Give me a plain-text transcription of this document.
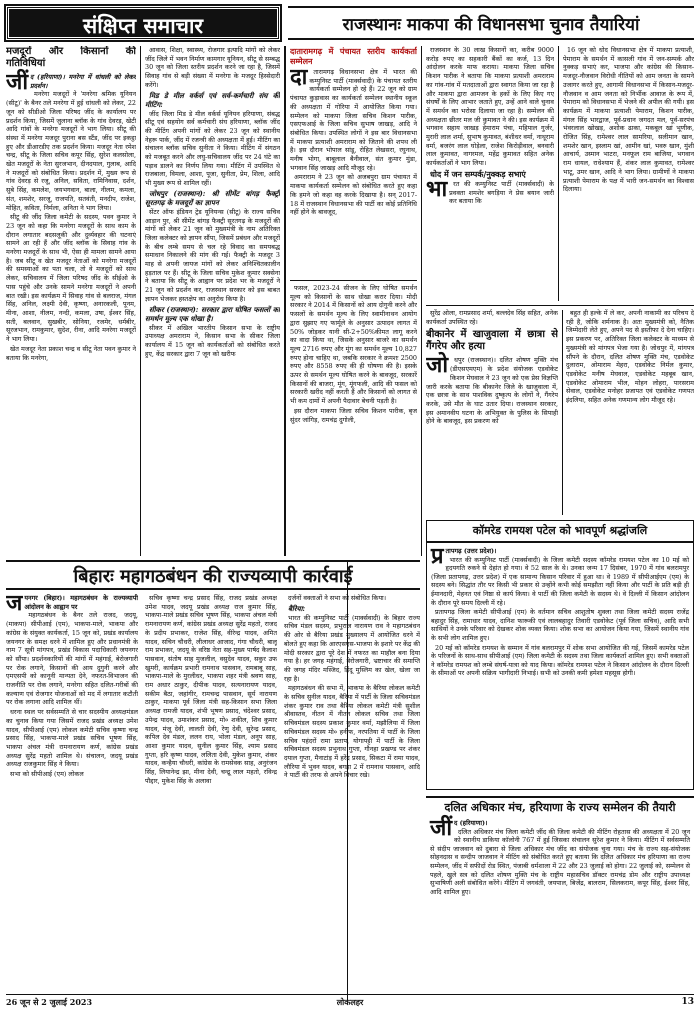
संक्षिप्त समाचार	राजस्थानः माकपा की विधानसभा चुनाव तैयारियां
मजदूरों और किसानों की गतिविधियां
जीं द (हरियाणा)। मनरेगा में धांधली को लेकर प्रदर्शन।

मनरेगा मजदूरों ने 'मनरेगा श्रमिक यूनियन (सीटू)' के बैनर तले मनरेगा में हुई धांधली को लेकर, 22 जून को सीडीओ जिला परिषद जींद के कार्यालय पर प्रदर्शन किया, जिसमें जुलाना ब्लॉक के गांव देवरड़, खेटी आदि गांवों के मनरेगा मजदूरों ने भाग लिया। सीटू की संस्था में मनरेगा मजदूर पुराना बस स्टैंड, जींद पर इकट्ठा हुए और डीआरडीए तक प्रदर्शन किया। मजदूर नेता रमेश चन्द्र, सीटू के जिला सचिव कपूर सिंह, सुरेश कलसोला, खेत मजदूरों के नेता सुरजभान, दीनदयाल, गुलाब, आदि ने मजदूरों को संबोधित किया। प्रदर्शन में, मुख्य रूप से गांव देवरड़ से रजू, अनिल, सविता, रामिनिवास, दर्शन, सुबे सिंह, कमलेश, जयभगवान, बाला, नीलम, कमला, संत, शमशेर, सरजू, राजपति, सतवंती, मनदीप, राजेश, मोहित, कविता, निर्मला, अनिता ने भाग लिया।

सीटू की जींद जिला कमेटी के सदस्य, पवन कुमार ने 23 जून को कहा कि मनरेगा मजदूरों के साथ काम के दौरान लगातार बदसलूकी और दुर्व्यवहार की घटनाएं सामने आ रही हैं और जींद ब्लॉक के सिवाह गांव के मनरेगा मजदूरों के साथ भी, ऐसा ही मामला सामने आया है। जब सीटू व खेत मजदूर नेताओं को मनरेगा मजदूरों की समस्याओं का पता चला, तो वे मजदूरों को साथ लेकर, सचिवालय में जिला परिषद जींद के सीईओ के पास पहुंचे और उनके सामने मनरेगा मजदूरों ने अपनी बात रखी। इस कार्यक्रम में सिवाह गांव से बलराज, मंगल सिंह, अनिल, लक्ष्मी देवी, कृष्णा, अनारकली, पूनम, मीना, आशा, नीलम, नन्दी, कमला, उषा, ईश्वर सिंह, सती, बलवान, सुखबीर, सोनिया, रजमेर, धर्मबीर, सूरजभान, रामकुमार, सुदेश, रीना, आदि मनरेगा मजदूरों ने भाग लिया।

खेत मजदूर नेता प्रकाश चन्द्र व सीटू नेता पवन कुमार ने बताया कि मनरेगा,

आवास, शिक्षा, स्वास्थ्य, रोजगार इत्यादि मांगों को लेकर जींद जिले में भवन निर्माण कामगार यूनियन, सीटू से सम्बद्ध 30 जून को जिला स्तरीय प्रदर्शन करने जा रहा है, जिसमें सिवाह गांव से बड़ी संख्या में मनरेगा के मजदूर हिस्सेदारी करेंगे।

मिड डे मील वर्कर्स एवं सर्व-कर्मचारी संघ की मीटिंग:

जींद जिला मिड डे मील वर्कर्स यूनियन हरियाणा, संबद्ध सीटू एवं सहयोग सर्व कर्मचारी संघ हरियाणा, ब्लॉक जींद की मीटिंग अपनी मांगों को लेकर 23 जून को स्थानीय नेहरू पार्क, जींद में रजन्त्री की अध्यक्षता में हुई। मीटिंग का संचालन ब्लॉक सचिव सुनीता ने किया। मीटिंग में संगठन को मजबूत करने और लघु-सचिवालय जींद पर 24 घंटे का पड़ाव डालने का निर्णय लिया गया। मीटिंग में उपस्थित थे राजबाला, विमला, आशा, पूजा, सुनीता, प्रेम, शिला, आदि भी मुख्य रूप से शामिल रहीं।

जोधपुर (राजस्थान): श्री सीमेंट बांगड़ फैक्ट्री सूरतगढ़ के मजदूरों का ज्ञापन

सेंटर ऑफ इंडियन ट्रेड यूनियन्स (सीटू) के राज्य सचिव आड़ान पुर, श्री सीमेंट बांगड़ फैक्ट्री सूरतगढ़ के मजदूरों की मांगों को लेकर 21 जून को मुख्यमंत्री के नाम अतिरिक्त जिला कलेक्टर को ज्ञापन सौंपा, जिसमें प्रबंधन और मजदूरों के बीच लम्बे समय से चल रहे विवाद का समयबद्ध समाधान निकालने की मांग की गई। फैक्ट्री के मजदूर 3 माह से अपनी जायज मांगों को लेकर अनिश्चितकालीन हड़ताल पर हैं। सीटू के जिला सचिव मुकेश कुमार सक्सेना ने बताया कि सीटू के आह्वान पर प्रदेश भर के मजदूरों ने 21 जून को प्रदर्शन कर, राजस्थान सरकार को इस बाबत ज्ञापन भेजकर हस्तक्षेप का अनुरोध किया है।

सीकर (राजस्थान): सरकार द्वारा घोषित फसलों का समर्थन मूल्य एक धोखा है।

सीकर में अखिल भारतीय किसान सभा के राष्ट्रीय उपाध्यक्ष अमराराम ने, किसान सभा के सीकर जिला कार्यालय में 15 जून को कार्यकर्ताओं को संबोधित करते हुए, केंद्र सरकार द्वारा 7 जून को खरीफ

दातारामगढ़ में पंचायत स्तरीय कार्यकर्ता सम्मेलन
दा तारामगढ़ विधानसभा क्षेत्र में भारत की कम्युनिस्ट पार्टी (मार्क्सवादी) के पंचायत स्तरीय कार्यकर्ता सम्मेलन हो रहे हैं। 22 जून को ग्राम पंचायत कुड़ावास का कार्यकर्ता सम्मेलन स्थानीय स्कूल की अध्यक्षता में गोरिया में आयोजित किया गया। सम्मेलन को माकपा जिला सचिव किशन पारीक, एसएफआई के जिला सचिव सुभाष जाखड़, आदि ने संबोधित किया। उपस्थित लोगों ने इस बार विधानसभा में माकपा प्रत्याशी अमराराम को जिताने की शपथ ली है। इस दौरान भोपाल सांडू, रोहित लेखसरा, रघुनाथ, मनीष भोगा, बाबूलाल बैनीवाल, संत कुमार मुंडा, भगवान सिंह जाखड़ आदि मौजूद रहे।

अमराराम ने 23 जून को अजबपुरा ग्राम पंचायत में माकपा कार्यकर्ता सम्मेलन को संबोधित करते हुए कहा कि हमने जो कहा वह करके दिखाया है। सन् 2017-18 में राजस्थान विधानसभा की पार्टी का कोई प्रतिनिधि नहीं होने के बावजूद,

राजस्थान के 30 लाख किसानों का, करीब 9000 करोड़ रुपए का सहकारी बैंकों का कर्ज, 13 दिन आंदोलन करके माफ कराया। माकपा जिला सचिव किशन पारीक ने बताया कि माकपा प्रत्याशी अमराराम का गांव-गांव में मतदाताओं द्वारा स्वागत किया जा रहा है और माकपा द्वारा आमजन के हकों के लिए किए गए संघर्षों के लिए आभार जताते हुए, उन्हें आने वाले चुनाव में समर्थन का भरोसा दिलाया जा रहा है। सम्मेलन की अध्यक्षता छीतर मल जी कुमावत ने की। इस कार्यक्रम में भगवान सहाय जाखड़ हेमाराम पंचा, महिपाल गुर्जर, मुरारी लाल शर्मा, सुभाष कुमावत, बंशीधर वर्मा, नाथूराम वर्मा, बजरंग लाल घोड़ेला, राजेश किरोड़ीवाल, बनवारी लाल कुमावत, नागरमल, महेंद्र कुमावत सहित अनेक कार्यकर्ताओं ने भाग लिया।

धोद में जन सम्पर्क/नुक्कड़ सभाएं
भा रत की कम्युनिस्ट पार्टी (मार्क्सवादी) के प्रवक्ता शमशेर बगड़िया ने प्रेस बयान जारी कर बताया कि

16 जून को धोद विधानसभा क्षेत्र में माकपा प्रत्याशी, पेमाराम के समर्थन में कासली गांव में जन-सम्पर्क और नुक्कड़ सभाएं कर, भाजपा और कांग्रेस की किसान-मजदूर-नौजवान विरोधी नीतियों को आम जनता के सामने उजागर करते हुए, आगामी विधानसभा में किसान-मजदूर-नौजवान व आम जनता को निर्भीक आवाज के रूप में, पेमाराम को विधानसभा में भेजने की अपील की गयी। इस कार्यक्रम में माकपा प्रत्याशी पेमाराम, किशन पारीक, मंगल सिंह भारद्वाज, पूर्व-प्रधान जगदत मल, पूर्व-सरपंच भंवरलाल खोखड़, अशोक ढाका, मकबूल खां भूणीक, रोजित सिंह, रामेश्वर लाल सामरिया, सलीमान खान, शमशेर खान, इस्लाम खां, आमीन खां, भवरु खान, मुंशी आचार्य, उस्मान भाटरा, मनफूल राम बाजिया, भगवान राम धायल, राधेश्याम हैं, शंकर लाल कुमावत, रामेश्वर भाटू, उमर खान, आदि ने भाग लिया। ग्रामीणों ने माकपा प्रत्याशी पेमाराम के पक्ष में भारी जन-समर्थन का विश्वास दिलाया।

फसल, 2023-24 सीजन के लिए घोषित समर्थन मूल्य को किसानों के साथ धोखा करार दिया। मोदी सरकार ने 2014 में किसानों को आय दोगुनी करने और फसलों के समर्थन मूल्य के लिए स्वामीनाथन आयोग द्वारा सुझाए गए फार्मूले के अनुसार उत्पादन लागत में 50% जोड़कर यानी सी-2+50%कीमत लागू करने का वादा किया था, जिसके अनुसार बाजरे का समर्थन मूल्य 2716 रुपए और मूंग का समर्थन मूल्य 10,827 रुपए होना चाहिए था, जबकि सरकार ने क्रमशः 2500 रुपए और 8558 रुपए की ही घोषणा की है। इसके ऊपर से समर्थन मूल्य घोषित करने के बावजूद, सरकारें किसानों की बाजरा, मूंग, मूंगफली, आदि की फसल को सरकारी खरीद नहीं करती हैं और किसानों को लागत से भी कम दामों में अपनी पैदावार बेचनी पड़ती है।

इस दौरान माकपा जिला सचिव किशन पारीक, बृज सुंदर जांगिड़, रामचंद्र दुगोली,

सुरेंद्र ओला, रामप्रसाद शर्मा, बल्लदेव सिंह सहित, अनेक कार्यकर्ता उपस्थित रहे।

बीकानेर में खाजुवाला में छात्रा से गैंगरेप और हत्या
जो धपुर (राजस्थान)। दलित शोषण मुक्ति मंच (डीएसएमएम) के प्रदेश संयोजक एडवोकेट किशन मेघवाल ने 23 जून को एक प्रेस विज्ञप्ति जारी करके बताया कि बीकानेर जिले के खाजुवाला में, एक छात्रा के साथ पाशविक दुष्कृत्य के लोगों ने, गैंगरेप करके, उसे मौत के घाट उतार दिया। राजस्थान सरकार, इस अमानवीय घटना के अभियुक्त के पुलिस के सिपाही होने के बावजूद, इस प्रकरण को

बहुत ही हल्के में ले कर, अपनी नाकामी का परिचय दे रही है, जोकि शर्मनाक है। अतः मुख्यमंत्री को, नैतिक जिम्मेदारी लेते हुए, अपने पद से इस्तीफा दे देना चाहिए। इस प्रकरण पर, अतिरिक्त जिला कलेक्टर के माध्यम से मुख्यमंत्री को मांगपत्र भेजा गया है। जोधपुर में, मांगपत्र सौंपने के दौरान, दलित शोषण मुक्ति मंच, एडवोकेट दुलाराम, ओमाराम मेहरा, एडवोकेट निर्मल कुमार, एडवोकेट मनीष मेघवाल, एडवोकेट महबूब खान, एडवोकेट ओमाराम भील, मोहन लोहरा, पारसराम सेवाल, एडवोकेट मनोहर प्रजापत एवं एडवोकेट गणपत इंदलिया, सहित अनेक गणमान्य लोग मौजूद रहे।

कॉमरेड रामयश पटेल को भावपूर्ण श्रद्धांजलि
प्र तापगढ़ (उत्तर प्रदेश)।

भारत की कम्युनिस्ट पार्टी (मार्क्सवादी) के जिला कमेटी सदस्य कॉमरेड रामयश पटेल का 10 मई को हृदयगति रुकने से देहांत हो गया। वे 52 साल के थे। उनका जन्म 17 दिसंबर, 1970 में गांव बलरामपुर (जिला प्रतापगढ़, उत्तर प्रदेश) में एक सामान्य किसान परिवार में हुआ था। वे 1989 में सीपीआईएम (एम) के सदस्य बने। सिद्धांत तौर पर किसी भी प्रकार से उन्होंने कभी कोई समझौता नहीं किया और पार्टी के प्रति बड़ी ही ईमानदारी, मेहनत एवं निष्ठा से कार्य किया। वे पार्टी की जिला कमेटी के सदस्य थे। वे दिल्ली में किसान आंदोलन के दौरान पूरे समय दिल्ली में रहे।

प्रतापगढ़ जिला कमेटी सीपीआई (एम) के वर्तमान सचिव आशुतोष शुक्ला तथा जिला कमेटी सदस्य राजेंद्र बहादुर सिंह, रामाधार यादव, दानिश फारूकी एवं लालबहादुर तिवारी एडवोकेट (पूर्व जिला सचिव), आदि सभी साथियों ने उनके परिवार को देखकर शोक व्यक्त किया। शोक सभा का आयोजन किया गया, जिसमें स्थानीय गांव के सभी लोग शामिल हुए।

20 मई को कॉमरेड रामयश के सम्मान में गांव बलरामपुर में शोक सभा आयोजित की गई, जिसमें कामरेड पटेल के परिजनों के साथ-साथ सीपीआई (एम) जिला कमेटी के सदस्य तथा जिला कार्यकर्ता शामिल हुए। सभी वक्ताओं ने कॉमरेड रामयश को लम्बे संघर्ष-यात्रा को याद किया। कॉमरेड रामयश पटेल ने किसान आंदोलन के दौरान दिल्ली के सीमाओं पर अपनी सक्रिय भागीदारी निभाई। सभी को उनकी कमी हमेशा महसूस होगी।

बिहारः महागठबंधन की राज्यव्यापी कार्रवाई
ज यनगर (बिहार)। महागठबंधन के राज्यव्यापी आंदोलन के आह्वान पर

महागठबंधन के बैनर तले राजद, जदयू, (माकपा) सीपीआई (एम), भाकपा-माले, भाकपा और कांग्रेस के संयुक्त कार्यकर्ता, 15 जून को, प्रखंड कार्यालय जयनगर के समक्ष धरने में शामिल हुए और प्रधानमंत्री के नाम 7 सूत्री मांगपत्र, प्रखंड विकास पदाधिकारी जयनगर को सौंपा। प्रदर्शनकारियों की मांगों में महंगाई, बेरोजगारी पर रोक लगाने, किसानों की आय दुगुनी करने और एमएसपी को कानूनी मान्यता देने, नफरत-विभाजन की राजनीति पर रोक लगाने, मनरेगा सहित दलित-गरीबों की कल्याण एवं रोजगार योजनाओं को मद में लगातार कटौती पर रोक लगाना आदि शामिल थीं।

धरना स्थल पर सर्वसम्मति से चार सदस्यीय अध्यक्षमंडल का चुनाव किया गया जिसमें राजद प्रखंड अध्यक्ष उमेश यादव, सीपीआई (एम) लोकल कमेटी सचिव कृष्णा चन्द्र प्रसाद सिंह, भाकपा-माले प्रखंड सचिव भूषण सिंह, भाकपा अंचल मंत्री रामनारायण कर्ण, कांग्रेस प्रखंड अध्यक्ष सुरेंद्र महतो शामिल थे। संचालन, जदयू प्रखंड अध्यक्ष राजकुमार सिंह ने किया।

सभा को सीपीआई (एम) लोकल

सचिव कृष्णा चन्द्र प्रसाद सिंह, राजद प्रखंड अध्यक्ष उमेश यादव, जदयू प्रखंड अध्यक्ष राज कुमार सिंह, भाकपा-माले प्रखंड सचिव भूषण सिंह, भाकपा अंचल मंत्री रामनारायण कर्ण, कांग्रेस प्रखंड अध्यक्ष सुरेंद्र महतो, राजद के प्रदीप प्रभाकर, राजेश सिंह, वीरेन्द्र यादव, अमित यादव, सचिन चौधरी, लीलाधर आजाद, गंगा चौधरी, बालू राम प्रभाकर, जदयू के वरिष्ठ नेता सह-मुख्य पार्षद कैलाश पासवान, संतोष साह मुजलील, वसुदेव यादव, सकुर उफ खुमरी, कार्यक्रम प्रभारी रामनाथ पासवान, रामबाबू साह, भाकपा-माले के मुरलीधर, भाकपा शहर मंत्री श्रवण साह, राम अधार ठाकुर, दीपीक यादव, सत्यनारायण यादव, सकीम बैठा, जहांगीर, रामचन्द्र पासवान, सूर्य नारायण ठाकुर, माकपा पूर्व जिला मंत्री सह-किसान सभा जिला अध्यक्ष रामजी यादव, शंभी भूषण प्रसाद, चंदेश्वर प्रसाद, उपेन्द्र यादव, उमाशंकर प्रसाद, मो० शकील, शिव कुमार यादव, मंजू देवी, लालती देवी, रेणु देवी, सुरेन्द्र प्रसाद, कपिल देव मंडल, ललन राय, भोला मंडल, अनूप साह, आशा कुमार यादव, सुनील कुमार सिंह, श्याम प्रसाद गुप्ता, हरि कृष्ण यादव, ललिता देवी, मुकेश कुमार, शंकर यादव, कन्हैया चौधरी, कांग्रेस के रामसेवक साह, अनुरंजन सिंह, लियानेन्द्र झा, मीना देवी, चन्द्रू लाल महतो, रविन्द्र पौद्दार, मुकेश सिंह के अलावा

दर्जनों वक्ताओं ने सभा को संबोधित किया।

बैरिया:

भारत की कम्युनिस्ट पार्टी (मार्क्सवादी) के बिहार राज्य सचिव मंडल सदस्य, प्रभुराज नारायण राव ने महागठबंधन की ओर से बैरिया प्रखंड मुख्यालय में आयोजित धरने में बोलते हुए कहा कि आरएसएस-भाजपा के इशारे पर केंद्र की मोदी सरकार द्वारा पूरे देश में नफरत का माहौल बना दिया गया है। हर जगह महंगाई, बेरोजगारी, भ्रष्टाचार की समाप्ति की जगह मंदिर मस्जिद, हिंदू मुस्लिम का खेल, खेला जा रहा है।

महागठबंधन की सभा में, भाकपा के बैरिया लोकल कमेटी के सचिव सुनील यादव, बैरिया में पार्टी के जिला सचिवमंडल शंकर कुमार राव तथा बैरिया लोकल कमेटी मंत्री सुशील श्रीवास्तव, नीतन में नीतन लोकल सचिव तथा जिला सचिवमंडल सदस्य प्रकाश कुमार वर्मा, मझौलिया में जिला सचिवमंडल सदस्य मो० हनीफ, नरपतिया में पार्टी के जिला सचिव पहंदरों रामा प्रताप, योगापट्टी में पार्टी के जिला सचिवमंडल सदस्य प्रभुनाथ गुप्ता, गौनहा प्रखण्ड पर शंकर दयाल गुप्ता, मैनाटांड़ में हरेंद्र प्रसाद, सिकटा में रामा यादव, लौरिया में भुवन यादव, बगहा 2 में रामनाथ पासवान, आदि ने पार्टी की तरफ से अपने विचार रखे।

दलित अधिकार मंच, हरियाणा के राज्य सम्मेलन की तैयारी
जीं द (हरियाणा)।

दलित अधिकार मंच जिला कमेटी जींद की जिला कमेटी की मीटिंग रोहतास की अध्यक्षता में 20 जून को स्थानीय डाकिया कॉलोनी 767 में हुई जिसका संचालन सुरेश कुमार ने किया। मीटिंग में सर्वसम्मति से संदीप जाजवान को दुबारा से जिला अधिकार मंच जींद का संयोजक चुना गया। मंच के राज्य सह-संयोजक सोहनदास व सन्दीप जाजवान ने मीटिंग को संबोधित करते हुए बताया कि दलित अधिकार मंच हरियाणा का राज्य सम्मेलन, जींद में सफीदों रोड स्थित, पंजाबी धर्मशाला में 22 और 23 जुलाई को होगा। 22 जुलाई को, सम्मेलन से पहले, खुले सत्र को दलित शोषण मुक्ति मंच के राष्ट्रीय महासचिव डॉक्टर रामचंद्र डोम और राष्ट्रीय उपाध्यक्ष सुभाषिणी अली संबोधित करेंगे। मीटिंग में जगवंती, जयपाल, बिजेंद्र, बालराम, सिलकराम, कपूर सिंह, ईश्वर सिंह, आदि शामिल हुए।

26 जून से 2 जुलाई 2023	लोकलहर	13
